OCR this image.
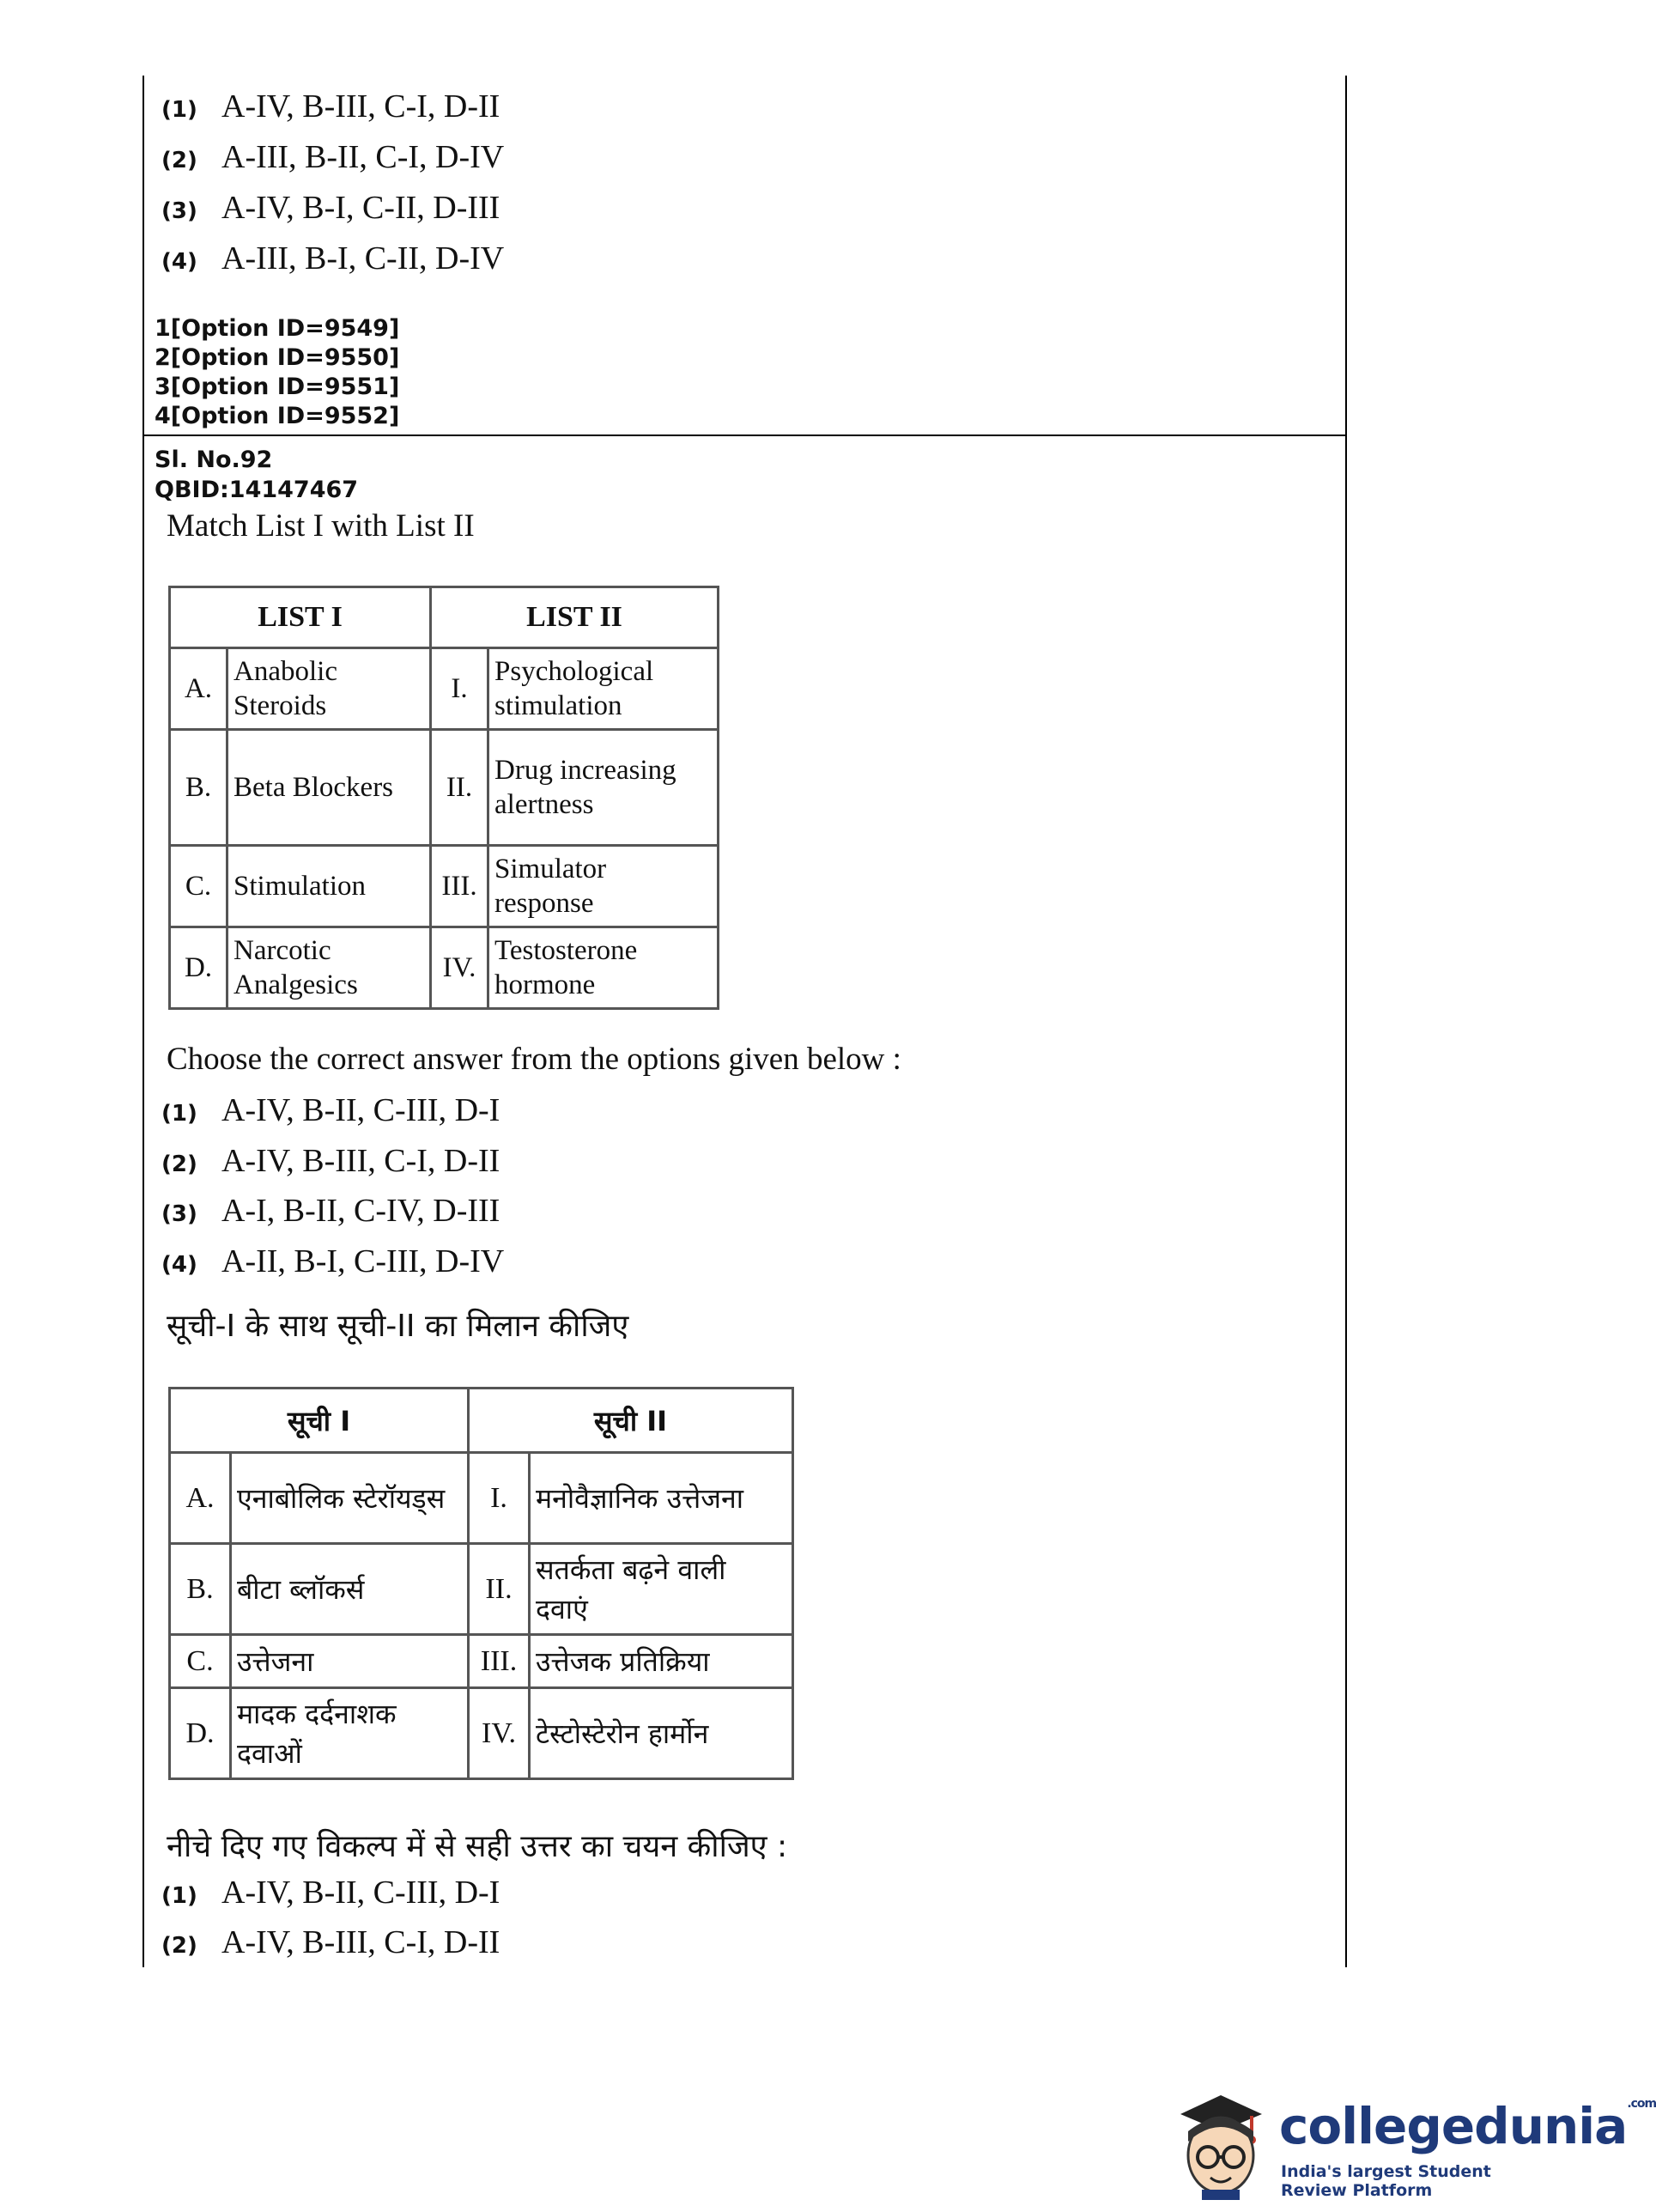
(1) A-IV, B-III, C-I, D-II
(2) A-III, B-II, C-I, D-IV
(3) A-IV, B-I, C-II, D-III
(4) A-III, B-I, C-II, D-IV
1[Option ID=9549]
2[Option ID=9550]
3[Option ID=9551]
4[Option ID=9552]
Sl. No.92
QBID:14147467
Match List I with List II
LIST I		LIST II	
A.	Anabolic Steroids	I.	Psychological stimulation
B.	Beta Blockers	II.	Drug increasing alertness
C.	Stimulation	III.	Simulator response
D.	Narcotic Analgesics	IV.	Testosterone hormone
Choose the correct answer from the options given below :
(1) A-IV, B-II, C-III, D-I
(2) A-IV, B-III, C-I, D-II
(3) A-I, B-II, C-IV, D-III
(4) A-II, B-I, C-III, D-IV
सूची-I के साथ सूची-II का मिलान कीजिए
सूची I		सूची II	
A.	एनाबोलिक स्टेरॉयड्स	I.	मनोवैज्ञानिक उत्तेजना
B.	बीटा ब्लॉकर्स	II.	सतर्कता बढ़ने वाली दवाएं
C.	उत्तेजना	III.	उत्तेजक प्रतिक्रिया
D.	मादक दर्दनाशक दवाओं	IV.	टेस्टोस्टेरोन हार्मोन
नीचे दिए गए विकल्प में से सही उत्तर का चयन कीजिए :
(1) A-IV, B-II, C-III, D-I
(2) A-IV, B-III, C-I, D-II
collegedunia$^{.com}$
India's largest Student Review Platform
